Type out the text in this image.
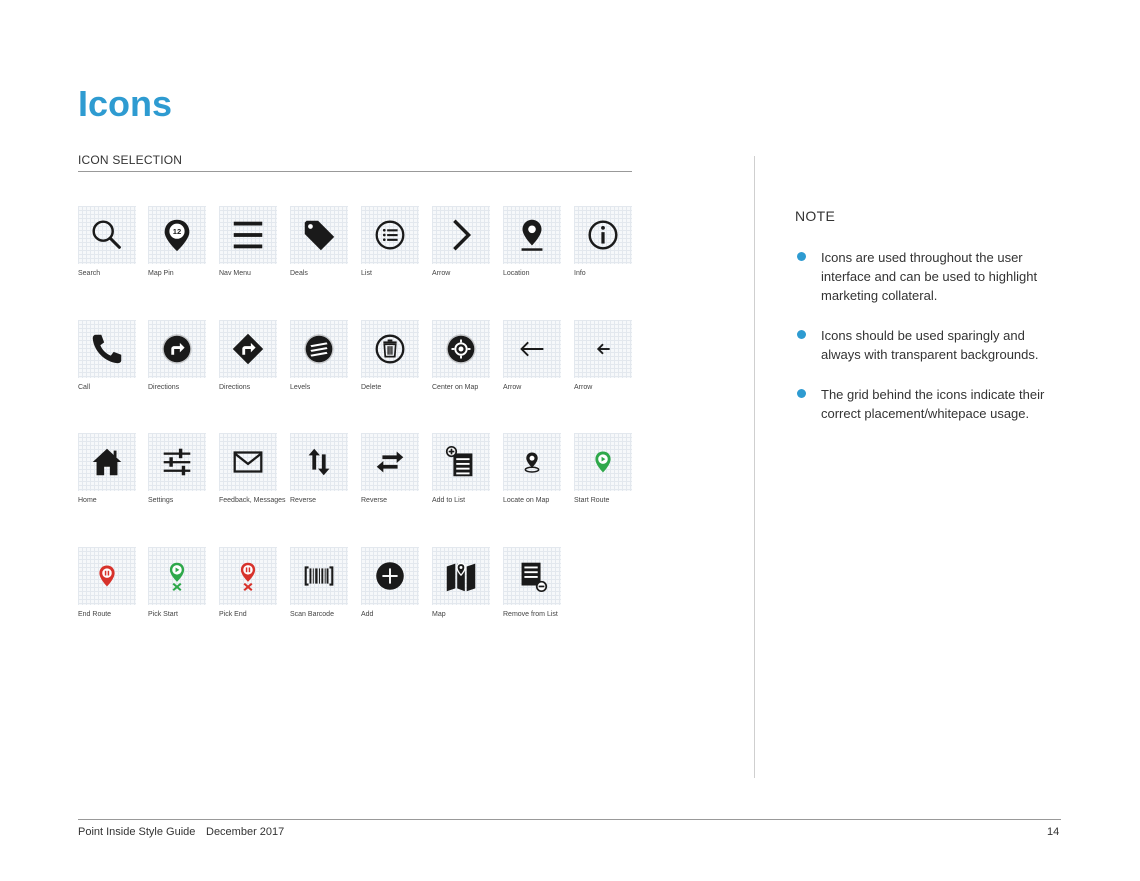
Icons
ICON SELECTION
Search
12
Map Pin	Nav Menu	Deals	List	Arrow	Location	Info
Call	Directions	Directions	Levels	Delete	Center on Map	Arrow	Arrow
Home	Settings	Feedback, Messages Reverse	Reverse	Add to List	Locate on Map	Start Route
End Route	Pick Start	Pick End	Scan Barcode	Add	Map	Remove from List
NOTE
Icons are used throughout the user interface and can be used to highlight marketing collateral.
Icons should be used sparingly and always with transparent backgrounds.
The grid behind the icons indicate their correct placement/whitepace usage.
Point Inside Style Guide December 2017	14
